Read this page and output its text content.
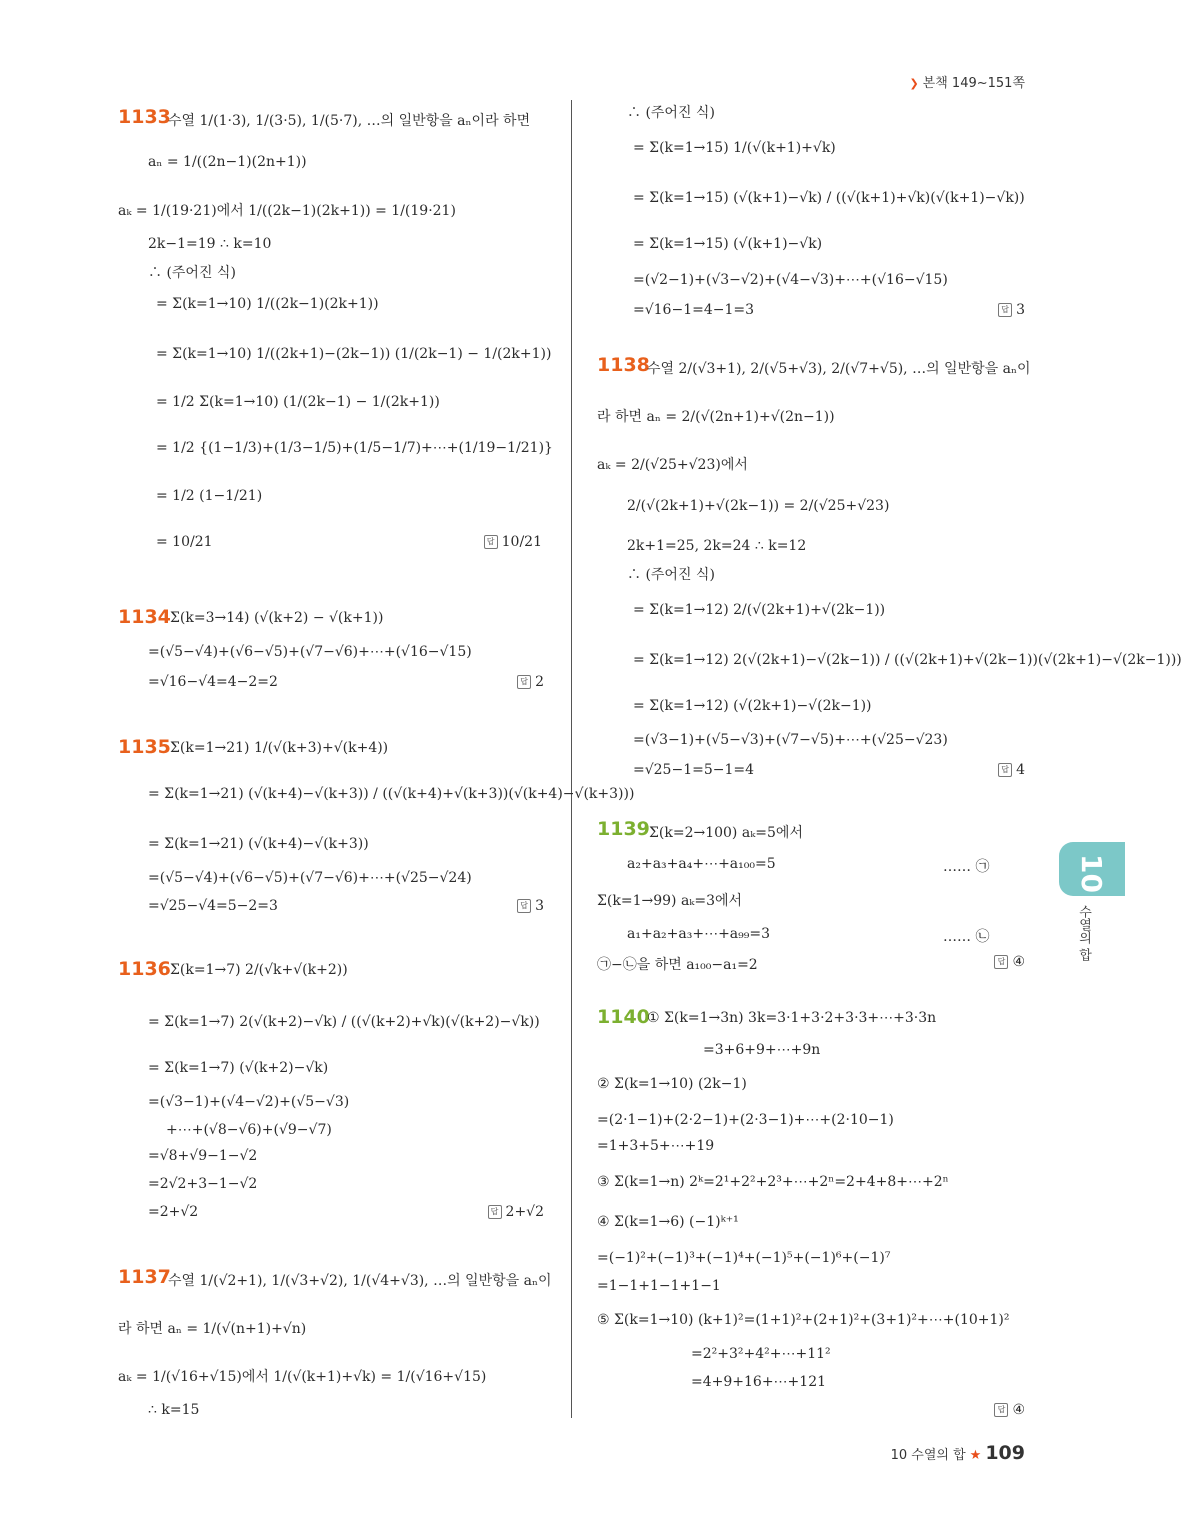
❯ 본책 149~151쪽
1133
수열 1/(1·3), 1/(3·5), 1/(5·7), …의 일반항을 aₙ이라 하면
aₙ = 1/((2n−1)(2n+1))
aₖ = 1/(19·21)에서 1/((2k−1)(2k+1)) = 1/(19·21)
2k−1=19 ∴ k=10
∴ (주어진 식)
= Σ(k=1→10) 1/((2k−1)(2k+1))
= Σ(k=1→10) 1/((2k+1)−(2k−1)) (1/(2k−1) − 1/(2k+1))
= 1/2 Σ(k=1→10) (1/(2k−1) − 1/(2k+1))
= 1/2 {(1−1/3)+(1/3−1/5)+(1/5−1/7)+⋯+(1/19−1/21)}
= 1/2 (1−1/21)
= 10/21	답 10/21
1134 Σ(k=3→14) (√(k+2) − √(k+1))
=(√5−√4)+(√6−√5)+(√7−√6)+⋯+(√16−√15)
=√16−√4=4−2=2	답 2
1135 Σ(k=1→21) 1/(√(k+3)+√(k+4))
= Σ(k=1→21) (√(k+4)−√(k+3)) / ((√(k+4)+√(k+3))(√(k+4)−√(k+3)))
= Σ(k=1→21) (√(k+4)−√(k+3))
=(√5−√4)+(√6−√5)+(√7−√6)+⋯+(√25−√24)
=√25−√4=5−2=3	답 3
1136 Σ(k=1→7) 2/(√k+√(k+2))
= Σ(k=1→7) 2(√(k+2)−√k) / ((√(k+2)+√k)(√(k+2)−√k))
= Σ(k=1→7) (√(k+2)−√k)
=(√3−1)+(√4−√2)+(√5−√3)
+⋯+(√8−√6)+(√9−√7)
=√8+√9−1−√2
=2√2+3−1−√2
=2+√2	답 2+√2
1137
수열 1/(√2+1), 1/(√3+√2), 1/(√4+√3), …의 일반항을 aₙ이
라 하면 aₙ = 1/(√(n+1)+√n)
aₖ = 1/(√16+√15)에서 1/(√(k+1)+√k) = 1/(√16+√15)
∴ k=15
∴ (주어진 식)
= Σ(k=1→15) 1/(√(k+1)+√k)
= Σ(k=1→15) (√(k+1)−√k) / ((√(k+1)+√k)(√(k+1)−√k))
= Σ(k=1→15) (√(k+1)−√k)
=(√2−1)+(√3−√2)+(√4−√3)+⋯+(√16−√15)
=√16−1=4−1=3	답 3
1138
수열 2/(√3+1), 2/(√5+√3), 2/(√7+√5), …의 일반항을 aₙ이
라 하면 aₙ = 2/(√(2n+1)+√(2n−1))
aₖ = 2/(√25+√23)에서
2/(√(2k+1)+√(2k−1)) = 2/(√25+√23)
2k+1=25, 2k=24 ∴ k=12
∴ (주어진 식)
= Σ(k=1→12) 2/(√(2k+1)+√(2k−1))
= Σ(k=1→12) 2(√(2k+1)−√(2k−1)) / ((√(2k+1)+√(2k−1))(√(2k+1)−√(2k−1)))
= Σ(k=1→12) (√(2k+1)−√(2k−1))
=(√3−1)+(√5−√3)+(√7−√5)+⋯+(√25−√23)
=√25−1=5−1=4	답 4
1139 Σ(k=2→100) aₖ=5에서
a₂+a₃+a₄+⋯+a₁₀₀=5	…… ㉠
Σ(k=1→99) aₖ=3에서
a₁+a₂+a₃+⋯+a₉₉=3	…… ㉡
㉠−㉡을 하면 a₁₀₀−a₁=2	답 ④
1140
① Σ(k=1→3n) 3k=3·1+3·2+3·3+⋯+3·3n
=3+6+9+⋯+9n
② Σ(k=1→10) (2k−1)
=(2·1−1)+(2·2−1)+(2·3−1)+⋯+(2·10−1)
=1+3+5+⋯+19
③ Σ(k=1→n) 2ᵏ=2¹+2²+2³+⋯+2ⁿ=2+4+8+⋯+2ⁿ
④ Σ(k=1→6) (−1)ᵏ⁺¹
=(−1)²+(−1)³+(−1)⁴+(−1)⁵+(−1)⁶+(−1)⁷
=1−1+1−1+1−1
⑤ Σ(k=1→10) (k+1)²=(1+1)²+(2+1)²+(3+1)²+⋯+(10+1)²
=2²+3²+4²+⋯+11²
=4+9+16+⋯+121
답 ④
10
수열의 합
10 수열의 합 ★ 109
